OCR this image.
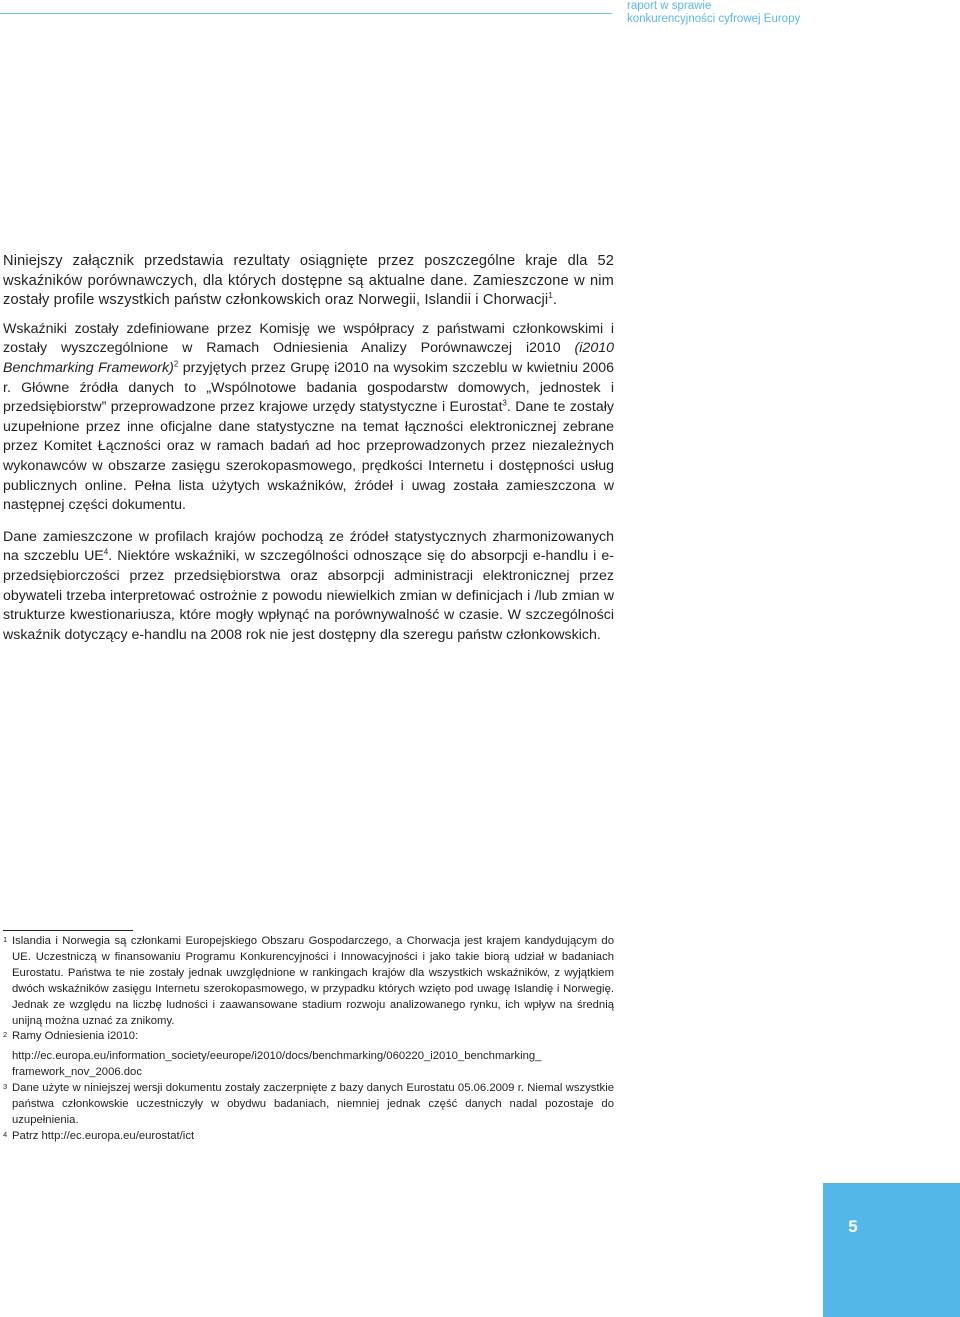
raport w sprawie
konkurencyjności cyfrowej Europy

Niniejszy załącznik przedstawia rezultaty osiągnięte przez poszczególne kraje dla 52 wskaźników porównawczych, dla których dostępne są aktualne dane. Zamieszczone w nim zostały profile wszystkich państw członkowskich oraz Norwegii, Islandii i Chorwacji$^1$.

Wskaźniki zostały zdefiniowane przez Komisję we współpracy z państwami członkowskimi i zostały wyszczególnione w Ramach Odniesienia Analizy Porównawczej i2010 (i2010 Benchmarking Framework)$^2$ przyjętych przez Grupę i2010 na wysokim szczeblu w kwietniu 2006 r. Główne źródła danych to „Wspólnotowe badania gospodarstw domowych, jednostek i przedsiębiorstw” przeprowadzone przez krajowe urzędy statystyczne i Eurostat$^3$. Dane te zostały uzupełnione przez inne oficjalne dane statystyczne na temat łączności elektronicznej zebrane przez Komitet Łączności oraz w ramach badań ad hoc przeprowadzonych przez niezależnych wykonawców w obszarze zasięgu szerokopasmowego, prędkości Internetu i dostępności usług publicznych online. Pełna lista użytych wskaźników, źródeł i uwag została zamieszczona w następnej części dokumentu.

Dane zamieszczone w profilach krajów pochodzą ze źródeł statystycznych zharmonizowanych na szczeblu $UE^4$. Niektóre wskaźniki, w szczególności odnoszące się do absorpcji e-handlu i e-przedsiębiorczości przez przedsiębiorstwa oraz absorpcji administracji elektronicznej przez obywateli trzeba interpretować ostrożnie z powodu niewielkich zmian w definicjach i /lub zmian w strukturze kwestionariusza, które mogły wpłynąć na porównywalność w czasie. W szczególności wskaźnik dotyczący e-handlu na 2008 rok nie jest dostępny dla szeregu państw członkowskich.

1 Islandia i Norwegia są członkami Europejskiego Obszaru Gospodarczego, a Chorwacja jest krajem kandydującym do UE. Uczestniczą w finansowaniu Programu Konkurencyjności i Innowacyjności i jako takie biorą udział w badaniach Eurostatu. Państwa te nie zostały jednak uwzględnione w rankingach krajów dla wszystkich wskaźników, z wyjątkiem dwóch wskaźników zasięgu Internetu szerokopasmowego, w przypadku których wzięto pod uwagę Islandię i Norwegię. Jednak ze względu na liczbę ludności i zaawansowane stadium rozwoju analizowanego rynku, ich wpływ na średnią unijną można uznać za znikomy.
2 Ramy Odniesienia i2010:
http://ec.europa.eu/information_society/eeurope/i2010/docs/benchmarking/060220_i2010_benchmarking_ framework_nov_2006.doc
3 Dane użyte w niniejszej wersji dokumentu zostały zaczerpnięte z bazy danych Eurostatu 05.06.2009 r. Niemal wszystkie państwa członkowskie uczestniczyły w obydwu badaniach, niemniej jednak część danych nadal pozostaje do uzupełnienia.
4 Patrz http://ec.europa.eu/eurostat/ict
5
